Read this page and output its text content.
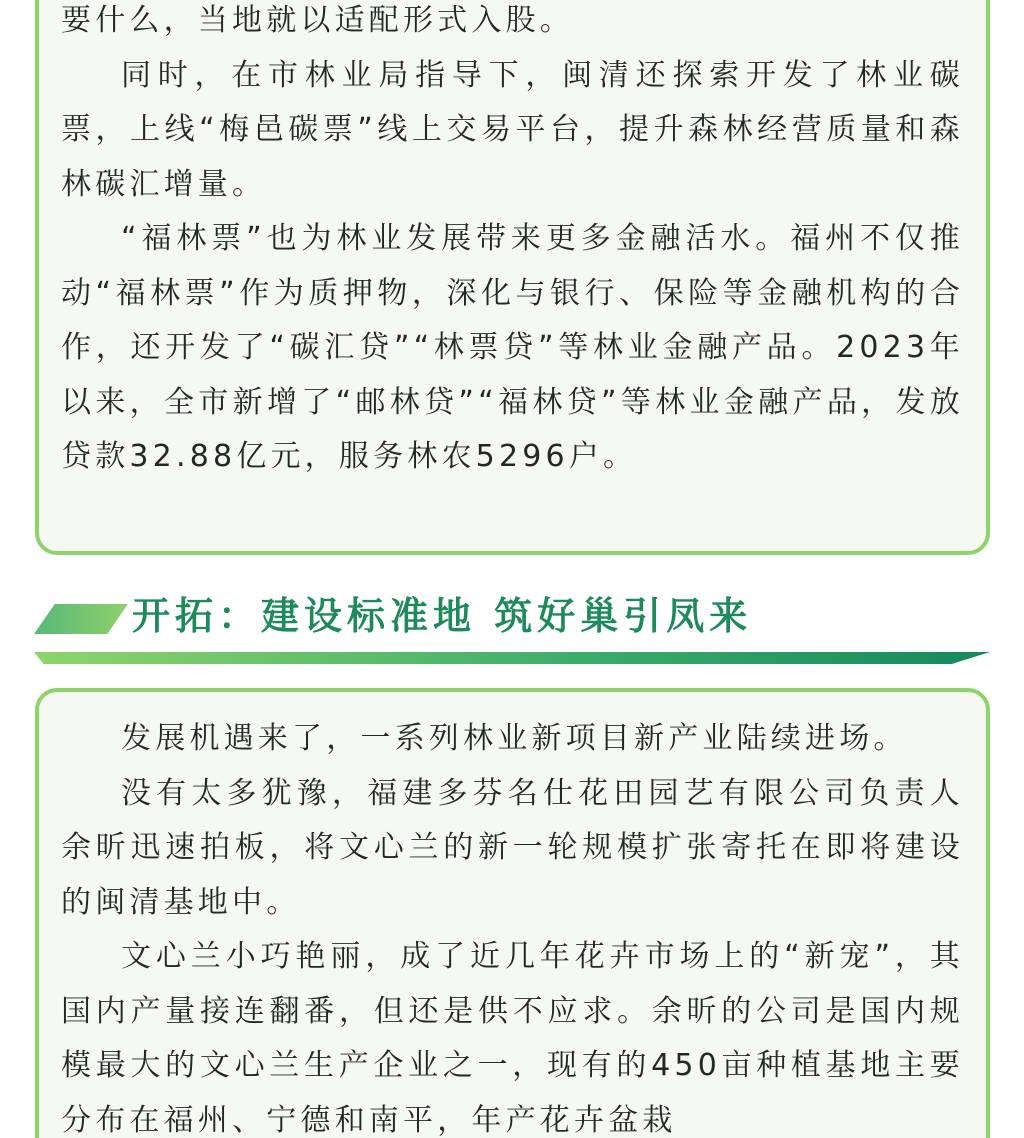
要什么，当地就以适配形式入股。

同时，在市林业局指导下，闽清还探索开发了林业碳票，上线“梅邑碳票”线上交易平台，提升森林经营质量和森林碳汇增量。

“福林票”也为林业发展带来更多金融活水。福州不仅推动“福林票”作为质押物，深化与银行、保险等金融机构的合作，还开发了“碳汇贷”“林票贷”等林业金融产品。2023年以来，全市新增了“邮林贷”“福林贷”等林业金融产品，发放贷款32.88亿元，服务林农5296户。

开拓：建设标准地 筑好巢引凤来

发展机遇来了，一系列林业新项目新产业陆续进场。

没有太多犹豫，福建多芬名仕花田园艺有限公司负责人余昕迅速拍板，将文心兰的新一轮规模扩张寄托在即将建设的闽清基地中。

文心兰小巧艳丽，成了近几年花卉市场上的“新宠”，其国内产量接连翻番，但还是供不应求。余昕的公司是国内规模最大的文心兰生产企业之一，现有的450亩种植基地主要分布在福州、宁德和南平，年产花卉盆栽
